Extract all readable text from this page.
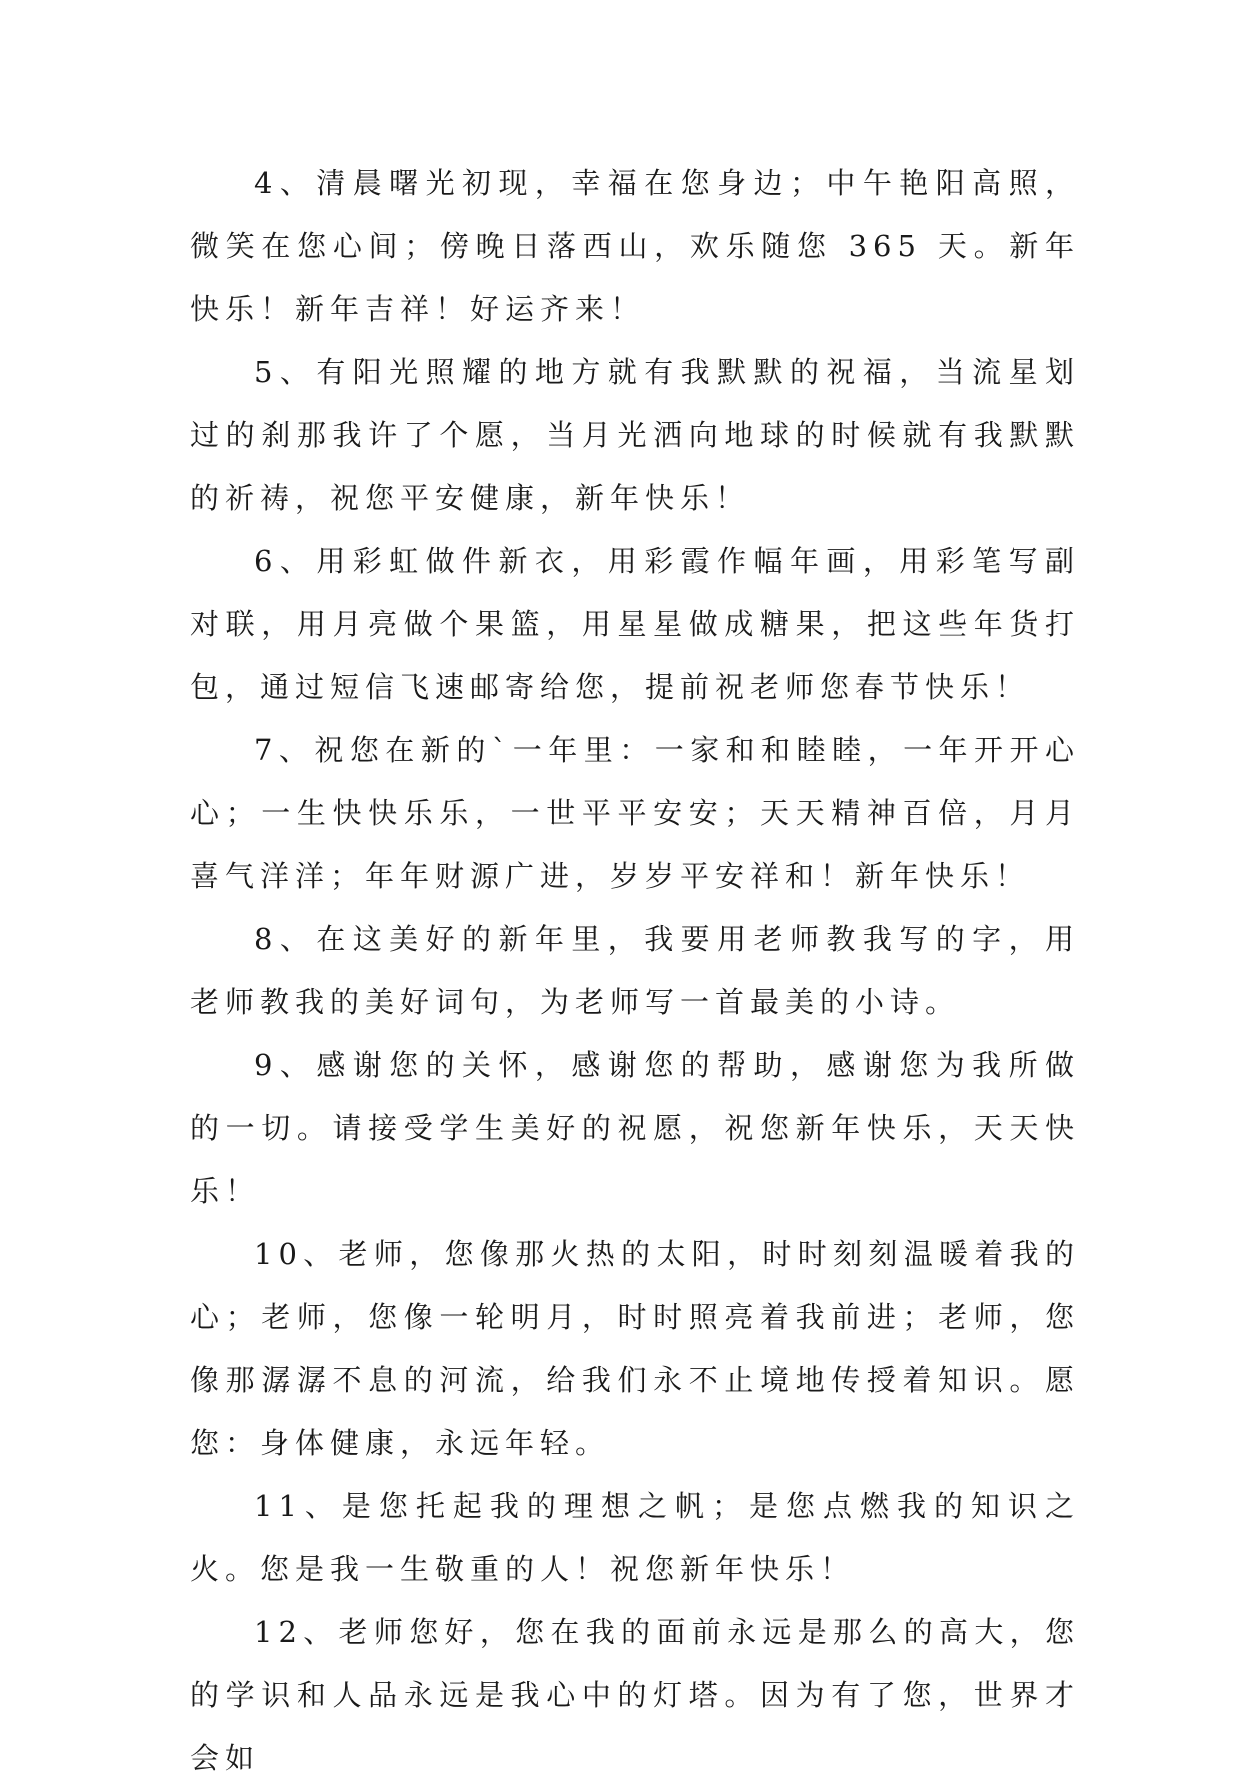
4、清晨曙光初现，幸福在您身边；中午艳阳高照，微笑在您心间；傍晚日落西山，欢乐随您 365 天。新年快乐！新年吉祥！好运齐来！

5、有阳光照耀的地方就有我默默的祝福，当流星划过的刹那我许了个愿，当月光洒向地球的时候就有我默默的祈祷，祝您平安健康，新年快乐！

6、用彩虹做件新衣，用彩霞作幅年画，用彩笔写副对联，用月亮做个果篮，用星星做成糖果，把这些年货打包，通过短信飞速邮寄给您，提前祝老师您春节快乐！

7、祝您在新的`一年里：一家和和睦睦，一年开开心心；一生快快乐乐，一世平平安安；天天精神百倍，月月喜气洋洋；年年财源广进，岁岁平安祥和！新年快乐！

8、在这美好的新年里，我要用老师教我写的字，用老师教我的美好词句，为老师写一首最美的小诗。

9、感谢您的关怀，感谢您的帮助，感谢您为我所做的一切。请接受学生美好的祝愿，祝您新年快乐，天天快乐！

10、老师，您像那火热的太阳，时时刻刻温暖着我的心；老师，您像一轮明月，时时照亮着我前进；老师，您像那潺潺不息的河流，给我们永不止境地传授着知识。愿您：身体健康，永远年轻。

11、是您托起我的理想之帆；是您点燃我的知识之火。您是我一生敬重的人！祝您新年快乐！

12、老师您好，您在我的面前永远是那么的高大，您的学识和人品永远是我心中的灯塔。因为有了您，世界才会如
